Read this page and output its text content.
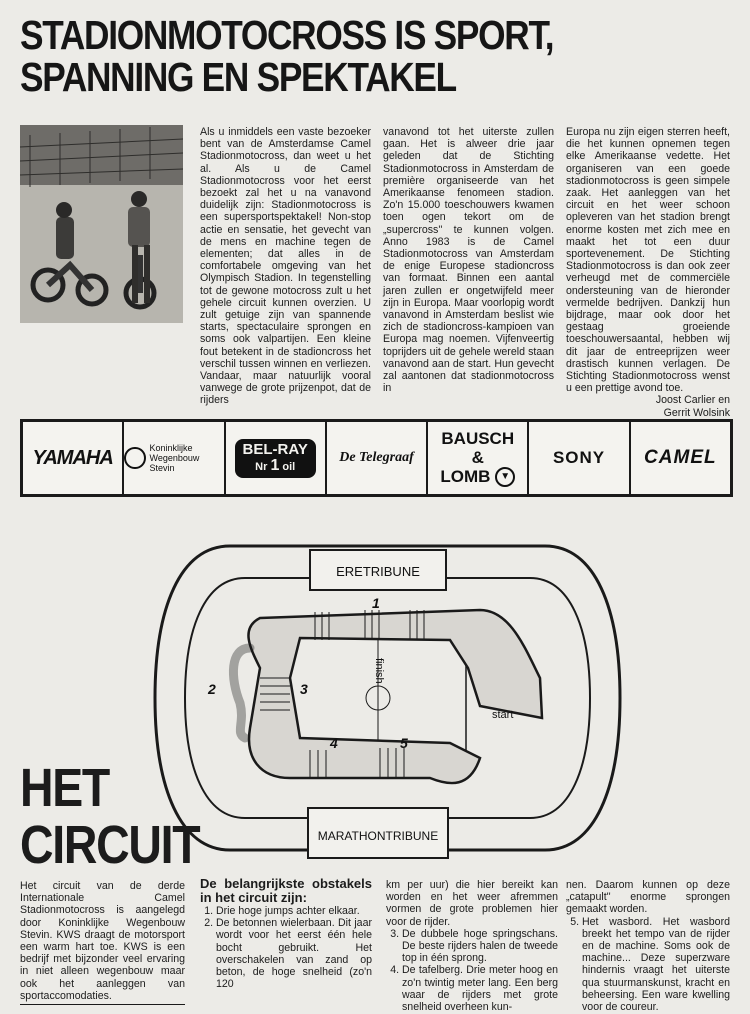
STADIONMOTOCROSS IS SPORT,
SPANNING EN SPEKTAKEL

Als u inmiddels een vaste bezoeker bent van de Amsterdamse Camel Stadionmotocross, dan weet u het al. Als u de Camel Stadionmotocross voor het eerst bezoekt zal het u na vanavond duidelijk zijn: Stadionmotocross is een supersportspektakel! Non-stop actie en sensatie, het gevecht van de mens en machine tegen de elementen; dat alles in de comfortabele omgeving van het Olympisch Stadion. In tegenstelling tot de gewone motocross zult u het gehele circuit kunnen overzien. U zult getuige zijn van spannende starts, spectaculaire sprongen en soms ook valpartijen. Een kleine fout betekent in de stadioncross het verschil tussen winnen en verliezen. Vandaar, maar natuurlijk vooral vanwege de grote prijzenpot, dat de rijders

vanavond tot het uiterste zullen gaan. Het is alweer drie jaar geleden dat de Stichting Stadionmotocross in Amsterdam de première organiseerde van het Amerikaanse fenomeen stadion. Zo'n 15.000 toeschouwers kwamen toen ogen tekort om de „supercross'' te kunnen volgen. Anno 1983 is de Camel Stadionmotocross van Amsterdam de enige Europese stadioncross van formaat. Binnen een aantal jaren zullen er ongetwijfeld meer zijn in Europa. Maar voorlopig wordt vanavond in Amsterdam beslist wie zich de stadioncross-kampioen van Europa mag noemen. Vijfenveertig toprijders uit de gehele wereld staan vanavond aan de start. Hun gevecht zal aantonen dat stadionmotocross in

Europa nu zijn eigen sterren heeft, die het kunnen opnemen tegen elke Amerikaanse vedette. Het organiseren van een goede stadionmotocross is geen simpele zaak. Het aanleggen van het circuit en het weer schoon opleveren van het stadion brengt enorme kosten met zich mee en maakt het tot een duur sportevenement. De Stichting Stadionmotocross is dan ook zeer verheugd met de commerciële ondersteuning van de hieronder vermelde bedrijven. Dankzij hun bijdrage, maar ook door het gestaag groeiende toeschouwersaantal, hebben wij dit jaar de entreeprijzen weer drastisch kunnen verlagen. De Stichting Stadionmotocross wenst u een prettige avond toe.

Joost Carlier en

Gerrit Wolsink

YAMAHA	Koninklijke
Wegenbouw Stevin
BEL-RAY
Nr 1 oil
De Telegraaf
BAUSCH
&
LOMB ▼
SONY CAMEL
ERETRIBUNE
MARATHONTRIBUNE
1
2	3
4	5
finish
start
HET
CIRCUIT

Het circuit van de derde Internationale Camel Stadionmotocross is aangelegd door Koninklijke Wegenbouw Stevin. KWS draagt de motorsport een warm hart toe. KWS is een bedrijf met bijzonder veel ervaring in niet alleen wegenbouw maar ook het aanleggen van sportaccomodaties.

De belangrijkste obstakels in het circuit zijn:

1. Drie hoge jumps achter elkaar.
2. De betonnen wielerbaan. Dit jaar wordt voor het eerst één hele bocht gebruikt. Het overschakelen van zand op beton, de hoge snelheid (zo'n 120

km per uur) die hier bereikt kan worden en het weer afremmen vormen de grote problemen hier voor de rijder.

3. De dubbele hoge springschans. De beste rijders halen de tweede top in één sprong.
4. De tafelberg. Drie meter hoog en zo'n twintig meter lang. Een berg waar de rijders met grote snelheid overheen kun-

nen. Daarom kunnen op deze „catapult'' enorme sprongen gemaakt worden.

5. Het wasbord. Het wasbord breekt het tempo van de rijder en de machine. Soms ook de machine... Deze superzware hindernis vraagt het uiterste qua stuurmanskunst, kracht en beheersing. Een ware kwelling voor de coureur.
